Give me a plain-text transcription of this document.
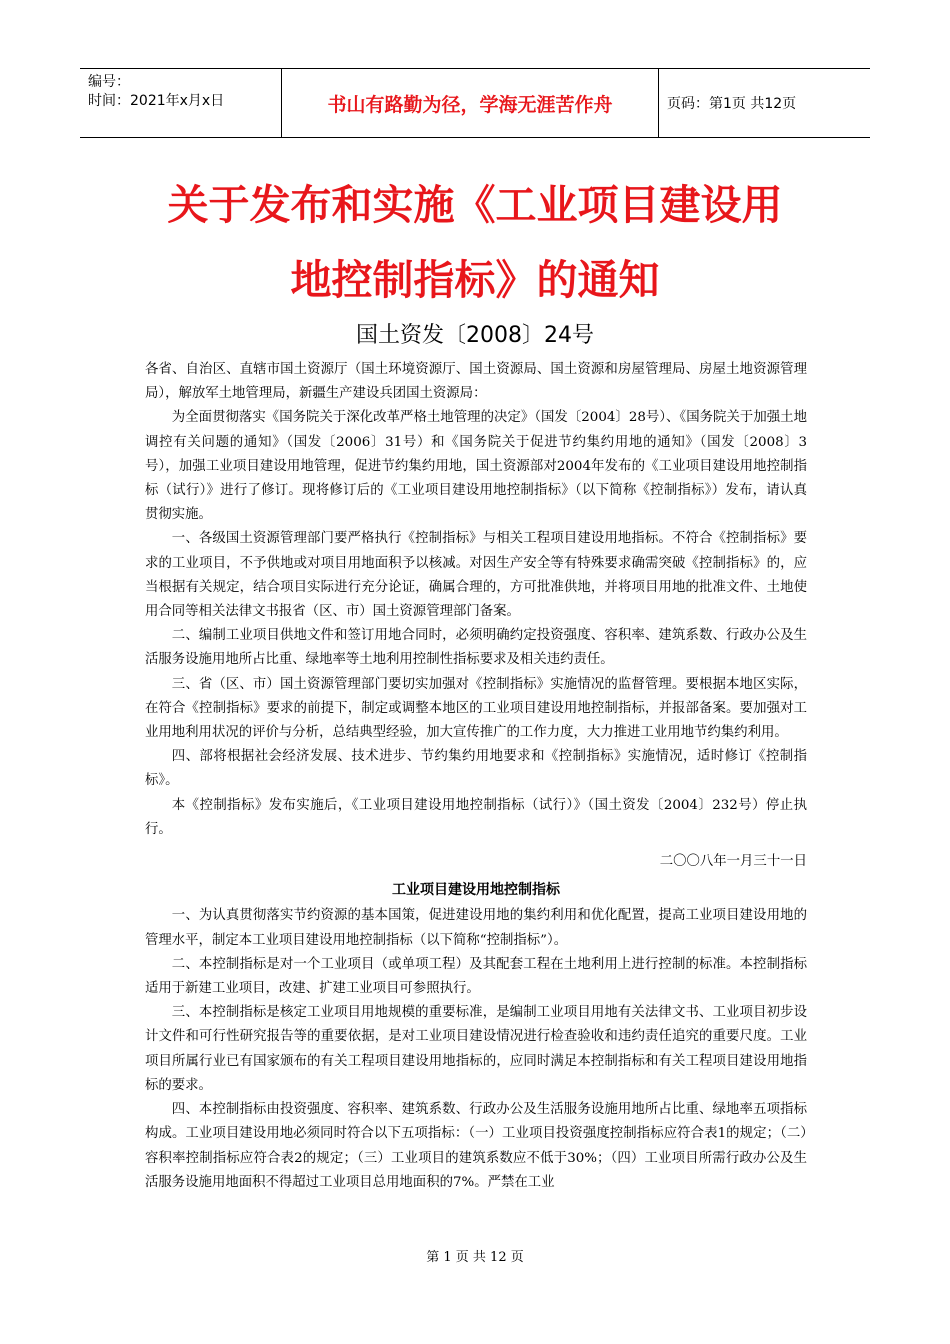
编号：
时间：2021年x月x日	书山有路勤为径，学海无涯苦作舟	页码：第1页 共12页
关于发布和实施《工业项目建设用
地控制指标》的通知
国土资发〔2008〕24号

各省、自治区、直辖市国土资源厅（国土环境资源厅、国土资源局、国土资源和房屋管理局、房屋土地资源管理局），解放军土地管理局，新疆生产建设兵团国土资源局：

为全面贯彻落实《国务院关于深化改革严格土地管理的决定》（国发〔2004〕28号）、《国务院关于加强土地调控有关问题的通知》（国发〔2006〕31号）和《国务院关于促进节约集约用地的通知》（国发〔2008〕3号），加强工业项目建设用地管理，促进节约集约用地，国土资源部对2004年发布的《工业项目建设用地控制指标（试行）》进行了修订。现将修订后的《工业项目建设用地控制指标》（以下简称《控制指标》）发布，请认真贯彻实施。

一、各级国土资源管理部门要严格执行《控制指标》与相关工程项目建设用地指标。不符合《控制指标》要求的工业项目，不予供地或对项目用地面积予以核减。对因生产安全等有特殊要求确需突破《控制指标》的，应当根据有关规定，结合项目实际进行充分论证，确属合理的，方可批准供地，并将项目用地的批准文件、土地使用合同等相关法律文书报省（区、市）国土资源管理部门备案。

二、编制工业项目供地文件和签订用地合同时，必须明确约定投资强度、容积率、建筑系数、行政办公及生活服务设施用地所占比重、绿地率等土地利用控制性指标要求及相关违约责任。

三、省（区、市）国土资源管理部门要切实加强对《控制指标》实施情况的监督管理。要根据本地区实际，在符合《控制指标》要求的前提下，制定或调整本地区的工业项目建设用地控制指标，并报部备案。要加强对工业用地利用状况的评价与分析，总结典型经验，加大宣传推广的工作力度，大力推进工业用地节约集约利用。

四、部将根据社会经济发展、技术进步、节约集约用地要求和《控制指标》实施情况，适时修订《控制指标》。

本《控制指标》发布实施后，《工业项目建设用地控制指标（试行）》（国土资发〔2004〕232号）停止执行。

二〇〇八年一月三十一日

工业项目建设用地控制指标

一、为认真贯彻落实节约资源的基本国策，促进建设用地的集约利用和优化配置，提高工业项目建设用地的管理水平，制定本工业项目建设用地控制指标（以下简称“控制指标”）。

二、本控制指标是对一个工业项目（或单项工程）及其配套工程在土地利用上进行控制的标准。本控制指标适用于新建工业项目，改建、扩建工业项目可参照执行。

三、本控制指标是核定工业项目用地规模的重要标准，是编制工业项目用地有关法律文书、工业项目初步设计文件和可行性研究报告等的重要依据，是对工业项目建设情况进行检查验收和违约责任追究的重要尺度。工业项目所属行业已有国家颁布的有关工程项目建设用地指标的，应同时满足本控制指标和有关工程项目建设用地指标的要求。

四、本控制指标由投资强度、容积率、建筑系数、行政办公及生活服务设施用地所占比重、绿地率五项指标构成。工业项目建设用地必须同时符合以下五项指标：（一）工业项目投资强度控制指标应符合表1的规定；（二）容积率控制指标应符合表2的规定；（三）工业项目的建筑系数应不低于30%；（四）工业项目所需行政办公及生活服务设施用地面积不得超过工业项目总用地面积的7%。严禁在工业

第 1 页 共 12 页
